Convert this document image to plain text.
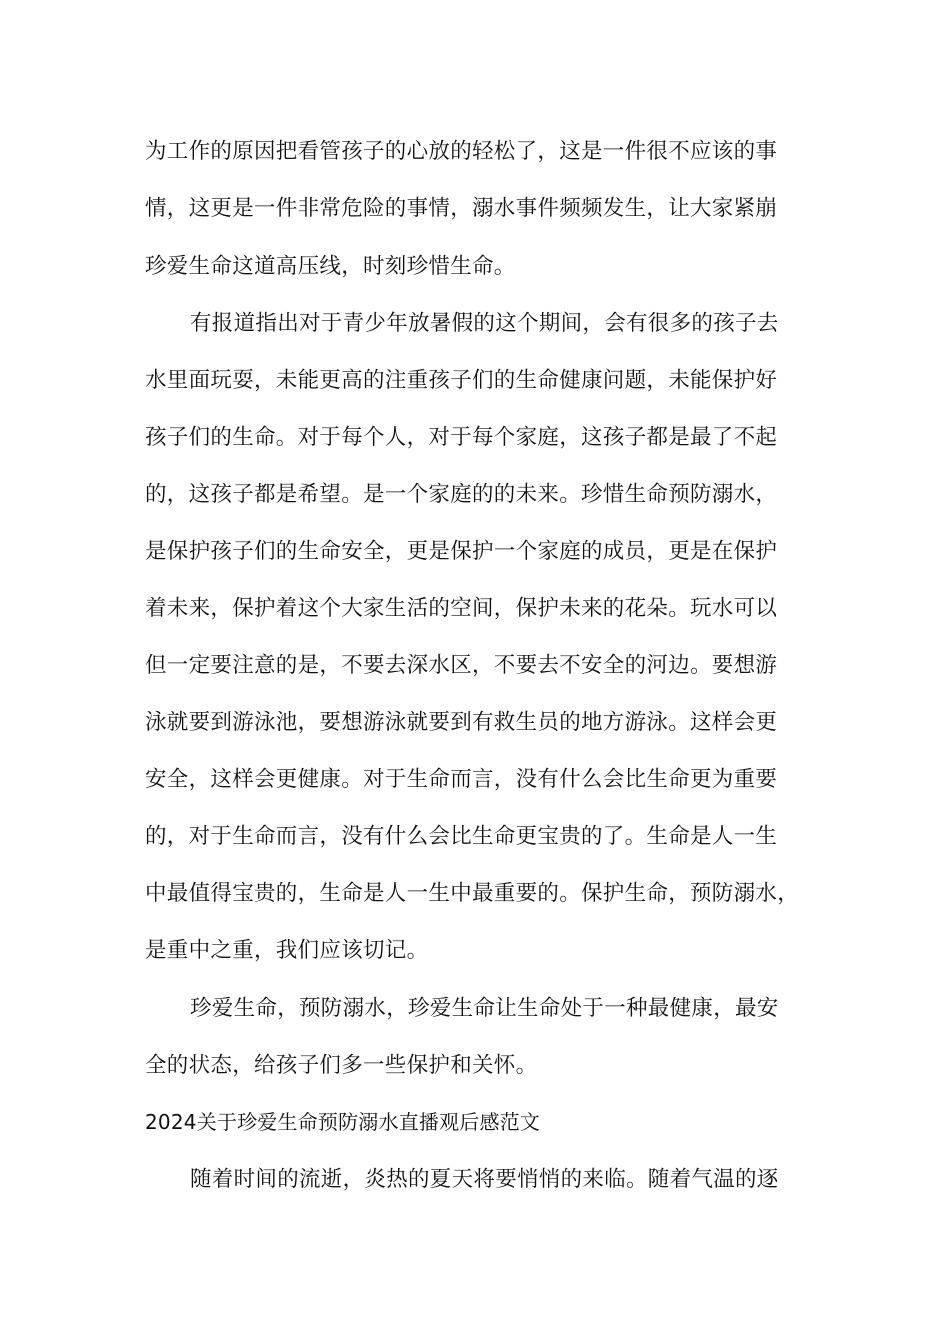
为工作的原因把看管孩子的心放的轻松了，这是一件很不应该的事
情，这更是一件非常危险的事情，溺水事件频频发生，让大家紧崩
珍爱生命这道高压线，时刻珍惜生命。
有报道指出对于青少年放暑假的这个期间，会有很多的孩子去
水里面玩耍，未能更高的注重孩子们的生命健康问题，未能保护好
孩子们的生命。对于每个人，对于每个家庭，这孩子都是最了不起
的，这孩子都是希望。是一个家庭的的未来。珍惜生命预防溺水，
是保护孩子们的生命安全，更是保护一个家庭的成员，更是在保护
着未来，保护着这个大家生活的空间，保护未来的花朵。玩水可以
但一定要注意的是，不要去深水区，不要去不安全的河边。要想游
泳就要到游泳池，要想游泳就要到有救生员的地方游泳。这样会更
安全，这样会更健康。对于生命而言，没有什么会比生命更为重要
的，对于生命而言，没有什么会比生命更宝贵的了。生命是人一生
中最值得宝贵的，生命是人一生中最重要的。保护生命，预防溺水，
是重中之重，我们应该切记。
珍爱生命，预防溺水，珍爱生命让生命处于一种最健康，最安
全的状态，给孩子们多一些保护和关怀。
2024关于珍爱生命预防溺水直播观后感范文
随着时间的流逝，炎热的夏天将要悄悄的来临。随着气温的逐
